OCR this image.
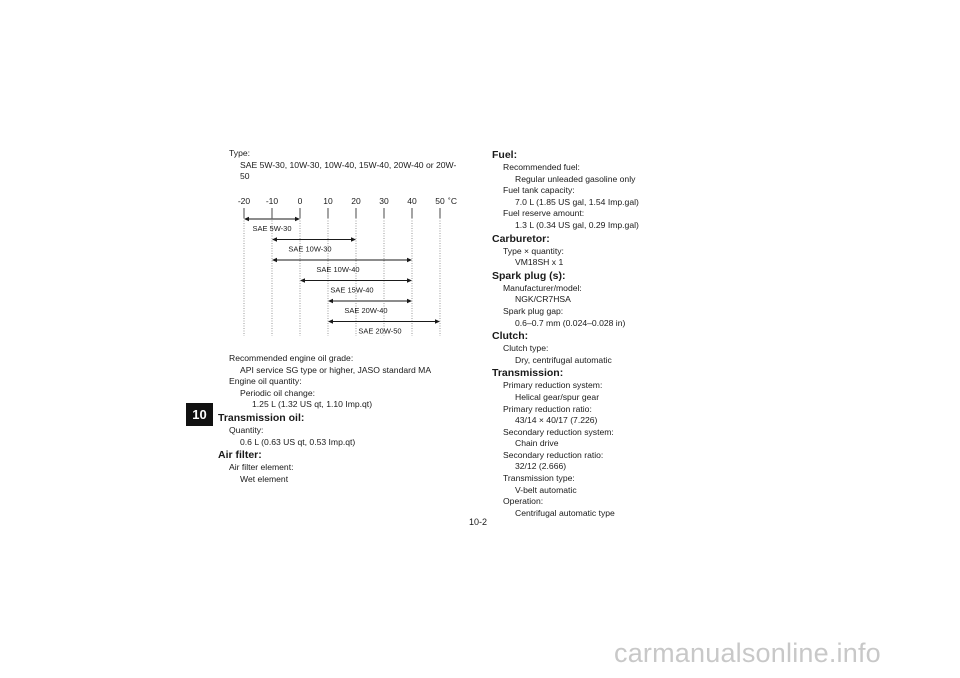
Type:
SAE 5W-30, 10W-30, 10W-40, 15W-40, 20W-40 or 20W-
50
-20 -10 0 10 20 30 40 50 ˚C
SAE 5W-30
SAE 10W-30
SAE 10W-40
SAE 15W-40
SAE 20W-40
SAE 20W-50
Recommended engine oil grade:
API service SG type or higher, JASO standard MA
Engine oil quantity:
Periodic oil change:
1.25 L (1.32 US qt, 1.10 Imp.qt)
Transmission oil:
Quantity:
0.6 L (0.63 US qt, 0.53 Imp.qt)
Air filter:
Air filter element:
Wet element
Fuel:
Recommended fuel:
Regular unleaded gasoline only
Fuel tank capacity:
7.0 L (1.85 US gal, 1.54 Imp.gal)
Fuel reserve amount:
1.3 L (0.34 US gal, 0.29 Imp.gal)
Carburetor:
Type × quantity:
VM18SH x 1
Spark plug (s):
Manufacturer/model:
NGK/CR7HSA
Spark plug gap:
0.6–0.7 mm (0.024–0.028 in)
Clutch:
Clutch type:
Dry, centrifugal automatic
Transmission:
Primary reduction system:
Helical gear/spur gear
Primary reduction ratio:
43/14 × 40/17 (7.226)
Secondary reduction system:
Chain drive
Secondary reduction ratio:
32/12 (2.666)
Transmission type:
V-belt automatic
Operation:
Centrifugal automatic type
10
10-2
carmanualsonline.info
